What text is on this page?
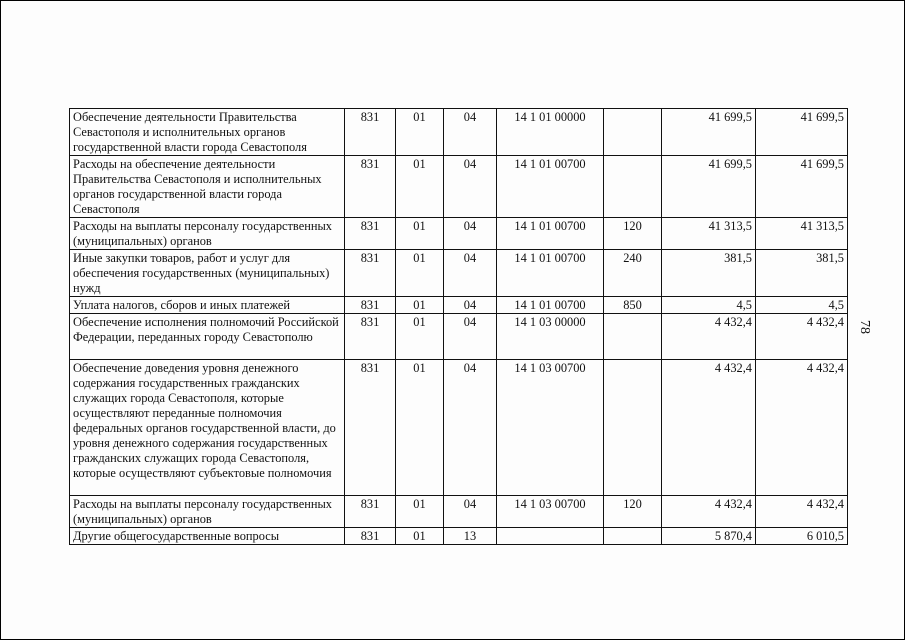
Обеспечение деятельности Правительства Севастополя и исполнительных органов государственной власти города Севастополя	831	01	04	14 1 01 00000		41 699,5	41 699,5
Расходы на обеспечение деятельности Правительства Севастополя и исполнительных органов государственной власти города Севастополя	831	01	04	14 1 01 00700		41 699,5	41 699,5
Расходы на выплаты персоналу государственных (муниципальных) органов	831	01	04	14 1 01 00700	120	41 313,5	41 313,5
Иные закупки товаров, работ и услуг для обеспечения государственных (муниципальных) нужд	831	01	04	14 1 01 00700	240	381,5	381,5
Уплата налогов, сборов и иных платежей	831	01	04	14 1 01 00700	850	4,5	4,5
Обеспечение исполнения полномочий Российской Федерации, переданных городу Севастополю	831	01	04	14 1 03 00000		4 432,4	4 432,4
Обеспечение доведения уровня денежного содержания государственных гражданских служащих города Севастополя, которые осуществляют переданные полномочия федеральных органов государственной власти, до уровня денежного содержания государственных гражданских служащих города Севастополя, которые осуществляют субъектовые полномочия	831	01	04	14 1 03 00700		4 432,4	4 432,4
Расходы на выплаты персоналу государственных (муниципальных) органов	831	01	04	14 1 03 00700	120	4 432,4	4 432,4
Другие общегосударственные вопросы	831	01	13			5 870,4	6 010,5
78
